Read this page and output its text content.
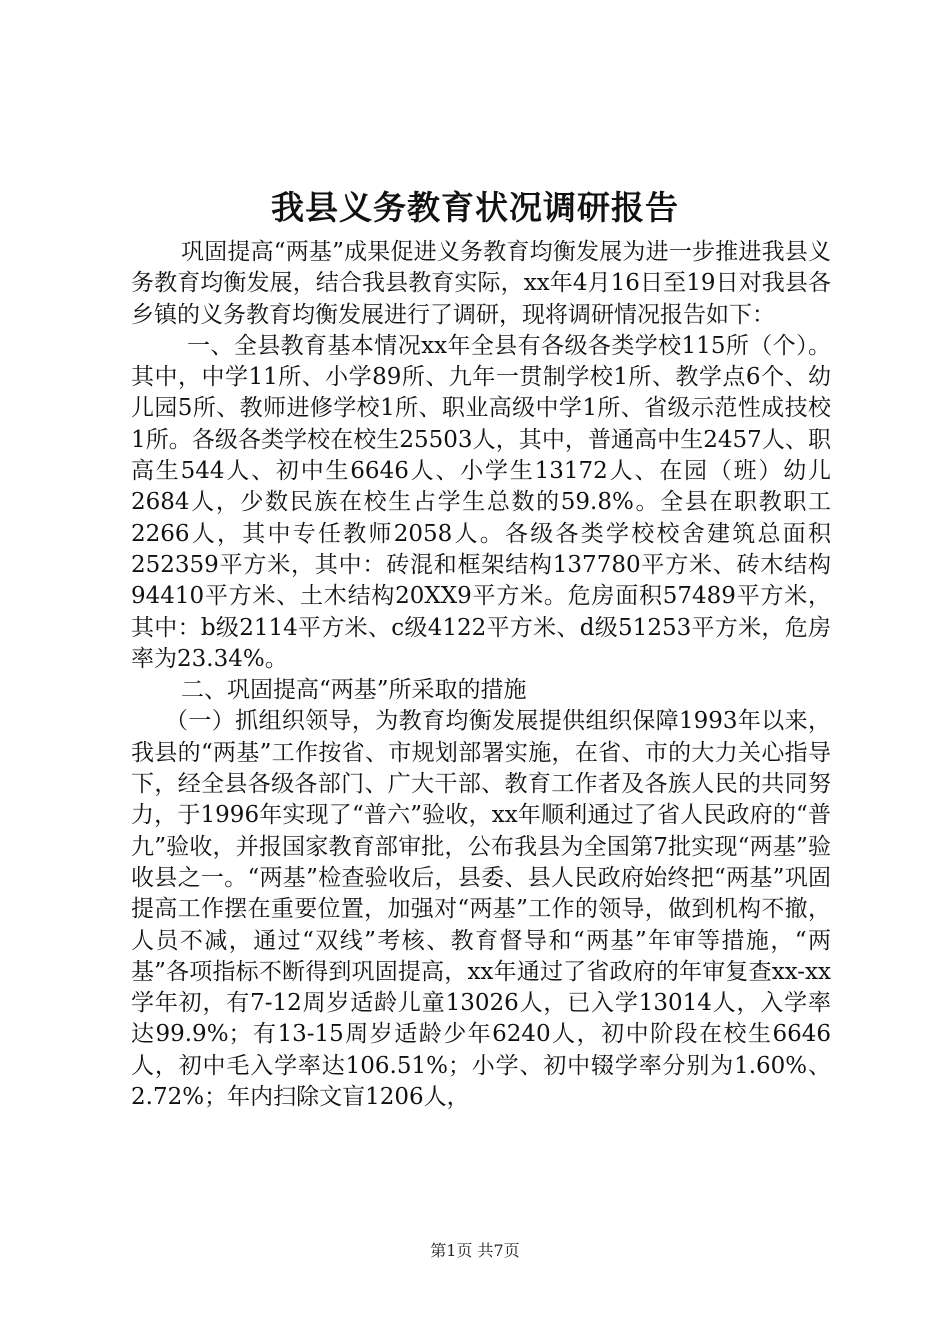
我县义务教育状况调研报告

巩固提高“两基”成果促进义务教育均衡发展为进一步推进我县义务教育均衡发展，结合我县教育实际，xx年4月16日至19日对我县各乡镇的义务教育均衡发展进行了调研，现将调研情况报告如下：

一、全县教育基本情况xx年全县有各级各类学校115所（个）。其中，中学11所、小学89所、九年一贯制学校1所、教学点6个、幼儿园5所、教师进修学校1所、职业高级中学1所、省级示范性成技校1所。各级各类学校在校生25503人，其中，普通高中生2457人、职高生544人、初中生6646人、小学生13172人、在园（班）幼儿2684人，少数民族在校生占学生总数的59.8%。全县在职教职工2266人，其中专任教师2058人。各级各类学校校舍建筑总面积252359平方米，其中：砖混和框架结构137780平方米、砖木结构94410平方米、土木结构20XX9平方米。危房面积57489平方米，其中：b级2114平方米、c级4122平方米、d级51253平方米，危房率为23.34%。

二、巩固提高“两基”所采取的措施

（一）抓组织领导，为教育均衡发展提供组织保障1993年以来，我县的“两基”工作按省、市规划部署实施，在省、市的大力关心指导下，经全县各级各部门、广大干部、教育工作者及各族人民的共同努力，于1996年实现了“普六”验收，xx年顺利通过了省人民政府的“普九”验收，并报国家教育部审批，公布我县为全国第7批实现“两基”验收县之一。“两基”检查验收后，县委、县人民政府始终把“两基”巩固提高工作摆在重要位置，加强对“两基”工作的领导，做到机构不撤，人员不减，通过“双线”考核、教育督导和“两基”年审等措施，“两基”各项指标不断得到巩固提高，xx年通过了省政府的年审复查xx-xx学年初，有7-12周岁适龄儿童13026人，已入学13014人，入学率达99.9%；有13-15周岁适龄少年6240人，初中阶段在校生6646人，初中毛入学率达106.51%；小学、初中辍学率分别为1.60%、2.72%；年内扫除文盲1206人，

第1页 共7页
